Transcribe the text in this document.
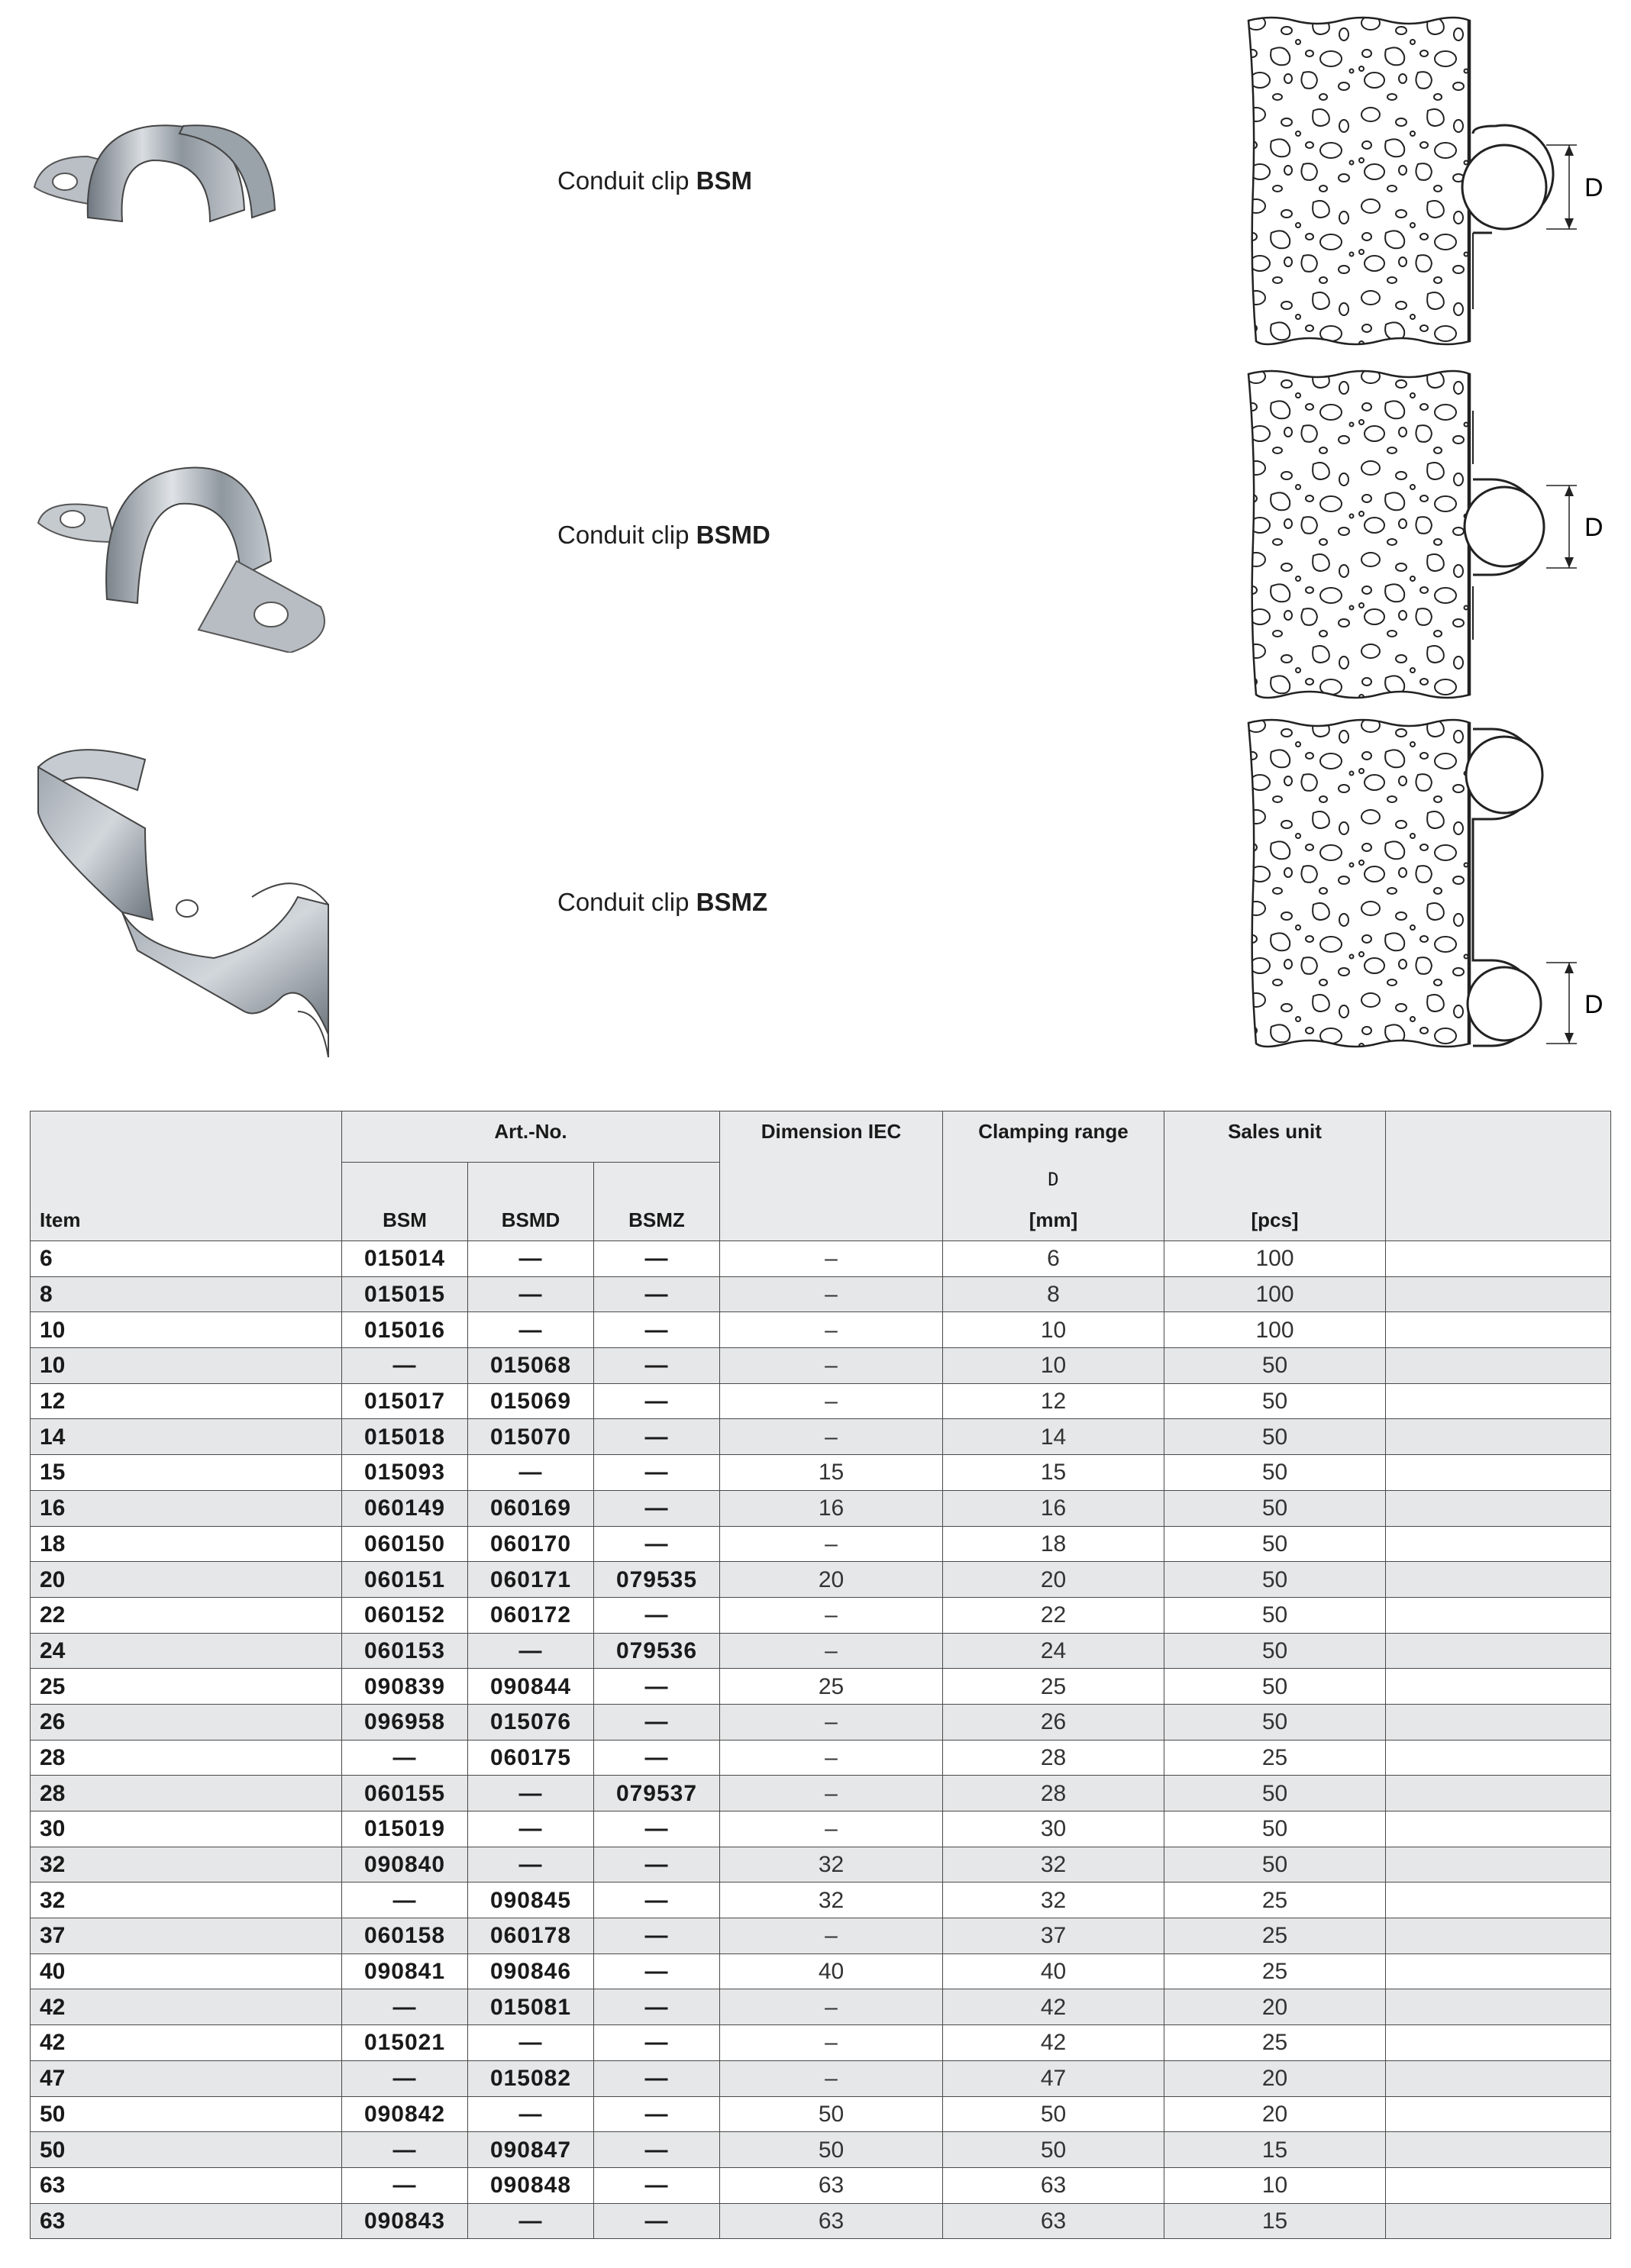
Conduit clip BSM	D
Conduit clip BSMD	D
Conduit clip BSMZ
D
	Art.-No.			Dimension IEC	Clamping range	Sales unit	
					D		
Item	BSM	BSMD	BSMZ		[mm]	[pcs]	
6	015014	—	—	–	6	100	
8	015015	—	—	–	8	100	
10	015016	—	—	–	10	100	
10	—	015068	—	–	10	50	
12	015017	015069	—	–	12	50	
14	015018	015070	—	–	14	50	
15	015093	—	—	15	15	50	
16	060149	060169	—	16	16	50	
18	060150	060170	—	–	18	50	
20	060151	060171	079535	20	20	50	
22	060152	060172	—	–	22	50	
24	060153	—	079536	–	24	50	
25	090839	090844	—	25	25	50	
26	096958	015076	—	–	26	50	
28	—	060175	—	–	28	25	
28	060155	—	079537	–	28	50	
30	015019	—	—	–	30	50	
32	090840	—	—	32	32	50	
32	—	090845	—	32	32	25	
37	060158	060178	—	–	37	25	
40	090841	090846	—	40	40	25	
42	—	015081	—	–	42	20	
42	015021	—	—	–	42	25	
47	—	015082	—	–	47	20	
50	090842	—	—	50	50	20	
50	—	090847	—	50	50	15	
63	—	090848	—	63	63	10	
63	090843	—	—	63	63	15	
